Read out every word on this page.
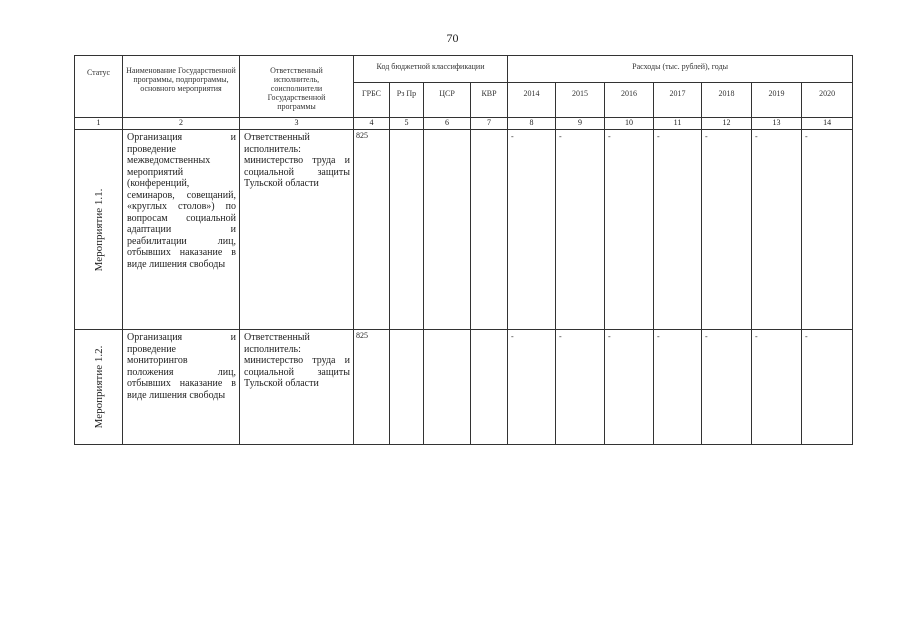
70
Статус	Наименование Государственной программы, подпрограммы, основного мероприятия	Ответственный исполнитель, соисполнители Государственной программы	Код бюджетной классификации				Расходы (тыс. рублей), годы						
			ГРБС	Рз Пр	ЦСР	КВР	2014	2015	2016	2017	2018	2019	2020
1	2	3	4	5	6	7	8	9	10	11	12	13	14

Мероприятие 1.1.	Организация и проведение межведомственных мероприятий (конференций, семинаров, совещаний, «круглых столов») по вопросам социальной адаптации и реабилитации лиц, отбывших наказание в виде лишения свободы	Ответственный исполнитель: министерство труда и социальной защиты Тульской области	825				-	-	-	-	-	-	-

Мероприятие 1.2.	Организация и проведение мониторингов положения лиц, отбывших наказание в виде лишения свободы	Ответственный исполнитель: министерство труда и социальной защиты Тульской области	825				-	-	-	-	-	-	-
